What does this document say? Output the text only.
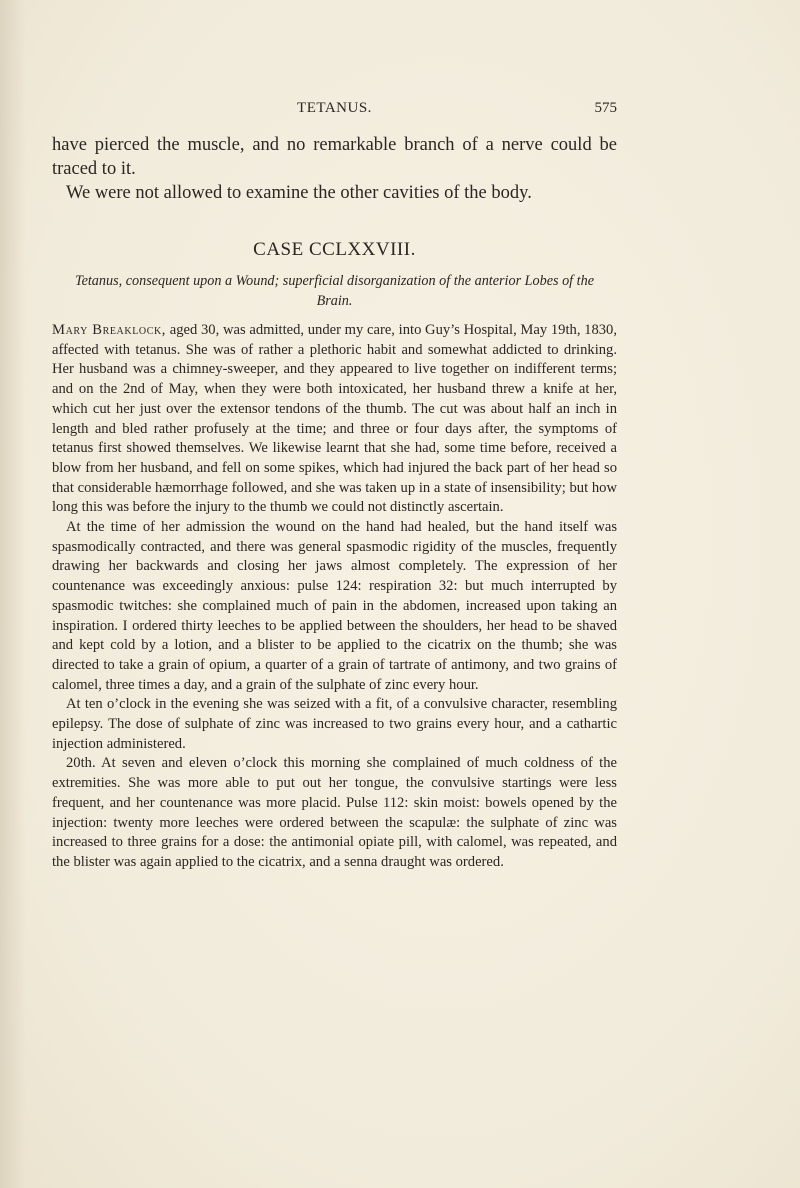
TETANUS.	575

have pierced the muscle, and no remarkable branch of a nerve could be traced to it.

We were not allowed to examine the other cavities of the body.

CASE CCLXXVIII.
Tetanus, consequent upon a Wound; superficial disorganization of the anterior Lobes of the Brain.

Mary Breaklock, aged 30, was admitted, under my care, into Guy’s Hospital, May 19th, 1830, affected with tetanus. She was of rather a plethoric habit and somewhat addicted to drinking. Her husband was a chimney-sweeper, and they appeared to live together on indifferent terms; and on the 2nd of May, when they were both intoxicated, her husband threw a knife at her, which cut her just over the extensor tendons of the thumb. The cut was about half an inch in length and bled rather profusely at the time; and three or four days after, the symptoms of tetanus first showed themselves. We likewise learnt that she had, some time before, received a blow from her husband, and fell on some spikes, which had injured the back part of her head so that considerable hæmorrhage followed, and she was taken up in a state of insensibility; but how long this was before the injury to the thumb we could not distinctly ascertain.

At the time of her admission the wound on the hand had healed, but the hand itself was spasmodically contracted, and there was general spasmodic rigidity of the muscles, frequently drawing her backwards and closing her jaws almost completely. The expression of her countenance was exceedingly anxious: pulse 124: respiration 32: but much interrupted by spasmodic twitches: she complained much of pain in the abdomen, increased upon taking an inspiration. I ordered thirty leeches to be applied between the shoulders, her head to be shaved and kept cold by a lotion, and a blister to be applied to the cicatrix on the thumb; she was directed to take a grain of opium, a quarter of a grain of tartrate of antimony, and two grains of calomel, three times a day, and a grain of the sulphate of zinc every hour.

At ten o’clock in the evening she was seized with a fit, of a convulsive character, resembling epilepsy. The dose of sulphate of zinc was increased to two grains every hour, and a cathartic injection administered.

20th. At seven and eleven o’clock this morning she complained of much coldness of the extremities. She was more able to put out her tongue, the convulsive startings were less frequent, and her countenance was more placid. Pulse 112: skin moist: bowels opened by the injection: twenty more leeches were ordered between the scapulæ: the sulphate of zinc was increased to three grains for a dose: the antimonial opiate pill, with calomel, was repeated, and the blister was again applied to the cicatrix, and a senna draught was ordered.
